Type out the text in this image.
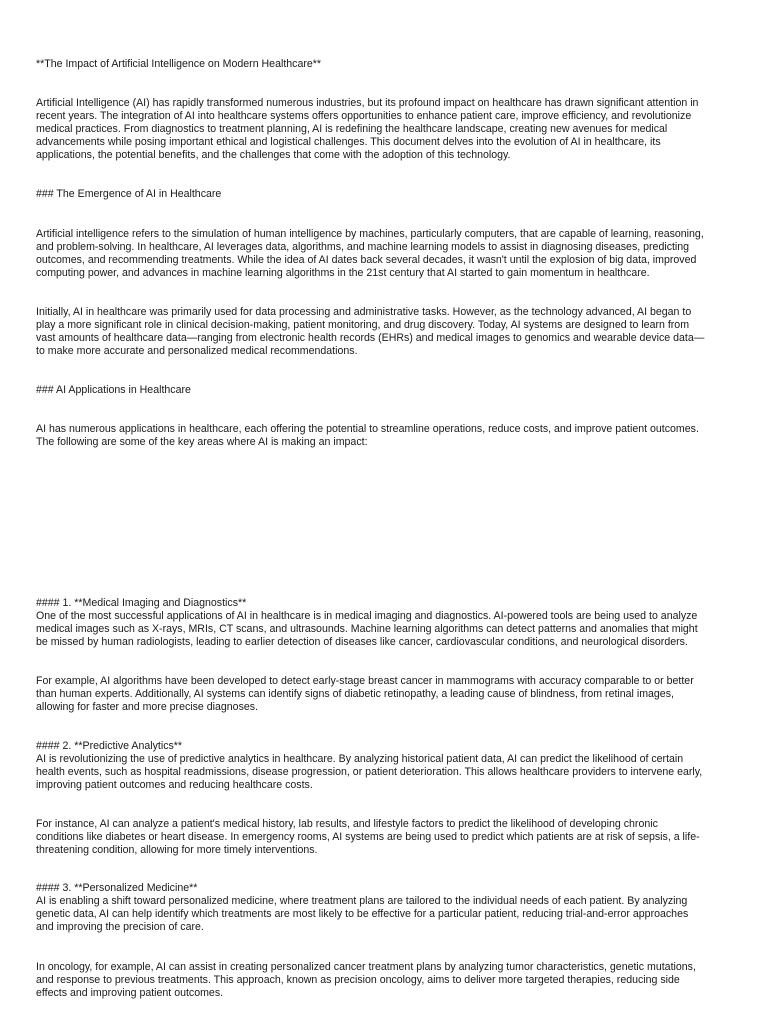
**The Impact of Artificial Intelligence on Modern Healthcare**

Artificial Intelligence (AI) has rapidly transformed numerous industries, but its profound impact on healthcare has drawn significant attention in
recent years. The integration of AI into healthcare systems offers opportunities to enhance patient care, improve efficiency, and revolutionize
medical practices. From diagnostics to treatment planning, AI is redefining the healthcare landscape, creating new avenues for medical
advancements while posing important ethical and logistical challenges. This document delves into the evolution of AI in healthcare, its
applications, the potential benefits, and the challenges that come with the adoption of this technology.

### The Emergence of AI in Healthcare

Artificial intelligence refers to the simulation of human intelligence by machines, particularly computers, that are capable of learning, reasoning,
and problem-solving. In healthcare, AI leverages data, algorithms, and machine learning models to assist in diagnosing diseases, predicting
outcomes, and recommending treatments. While the idea of AI dates back several decades, it wasn't until the explosion of big data, improved
computing power, and advances in machine learning algorithms in the 21st century that AI started to gain momentum in healthcare.
Initially, AI in healthcare was primarily used for data processing and administrative tasks. However, as the technology advanced, AI began to
play a more significant role in clinical decision-making, patient monitoring, and drug discovery. Today, AI systems are designed to learn from
vast amounts of healthcare data—ranging from electronic health records (EHRs) and medical images to genomics and wearable device data—
to make more accurate and personalized medical recommendations.

### AI Applications in Healthcare

AI has numerous applications in healthcare, each offering the potential to streamline operations, reduce costs, and improve patient outcomes.
The following are some of the key areas where AI is making an impact:

#### 1. **Medical Imaging and Diagnostics**

One of the most successful applications of AI in healthcare is in medical imaging and diagnostics. AI-powered tools are being used to analyze
medical images such as X-rays, MRIs, CT scans, and ultrasounds. Machine learning algorithms can detect patterns and anomalies that might
be missed by human radiologists, leading to earlier detection of diseases like cancer, cardiovascular conditions, and neurological disorders.
For example, AI algorithms have been developed to detect early-stage breast cancer in mammograms with accuracy comparable to or better
than human experts. Additionally, AI systems can identify signs of diabetic retinopathy, a leading cause of blindness, from retinal images,
allowing for faster and more precise diagnoses.

#### 2. **Predictive Analytics**

AI is revolutionizing the use of predictive analytics in healthcare. By analyzing historical patient data, AI can predict the likelihood of certain
health events, such as hospital readmissions, disease progression, or patient deterioration. This allows healthcare providers to intervene early,
improving patient outcomes and reducing healthcare costs.
For instance, AI can analyze a patient's medical history, lab results, and lifestyle factors to predict the likelihood of developing chronic
conditions like diabetes or heart disease. In emergency rooms, AI systems are being used to predict which patients are at risk of sepsis, a life-
threatening condition, allowing for more timely interventions.

#### 3. **Personalized Medicine**

AI is enabling a shift toward personalized medicine, where treatment plans are tailored to the individual needs of each patient. By analyzing
genetic data, AI can help identify which treatments are most likely to be effective for a particular patient, reducing trial-and-error approaches
and improving the precision of care.
In oncology, for example, AI can assist in creating personalized cancer treatment plans by analyzing tumor characteristics, genetic mutations,
and response to previous treatments. This approach, known as precision oncology, aims to deliver more targeted therapies, reducing side
effects and improving patient outcomes.
